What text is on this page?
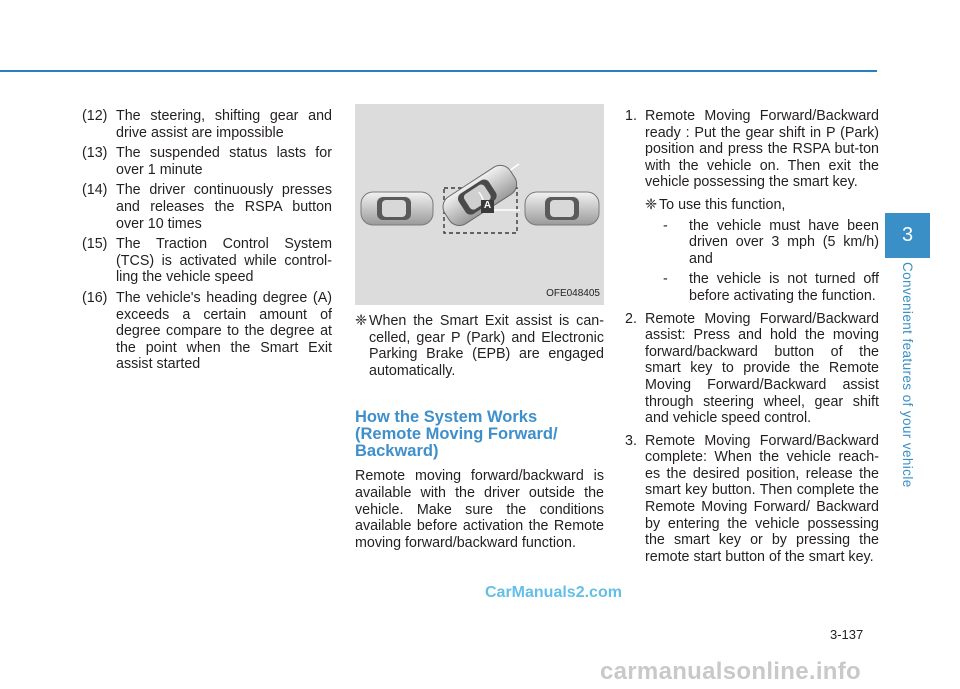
(12) The steering, shifting gear and drive assist are impossible
(13) The suspended status lasts for over 1 minute
(14) The driver continuously presses and releases the RSPA button over 10 times
(15) The Traction Control System (TCS) is activated while control-ling the vehicle speed
(16) The vehicle's heading degree (A) exceeds a certain amount of degree compare to the degree at the point when the Smart Exit assist started
A
OFE048405
❈ When the Smart Exit assist is can-celled, gear P (Park) and Electronic Parking Brake (EPB) are engaged automatically.
How the System Works
(Remote Moving Forward/
Backward)
Remote moving forward/backward is available with the driver outside the vehicle. Make sure the conditions available before activation the Remote moving forward/backward function.
1. Remote Moving Forward/Backward ready : Put the gear shift in P (Park) position and press the RSPA but-ton with the vehicle on. Then exit the vehicle possessing the smart key.
❈ To use this function,
- the vehicle must have been driven over 3 mph (5 km/h) and
- the vehicle is not turned off before activating the function.
2. Remote Moving Forward/Backward assist: Press and hold the moving forward/backward button of the smart key to provide the Remote Moving Forward/Backward assist through steering wheel, gear shift and vehicle speed control.
3. Remote Moving Forward/Backward complete: When the vehicle reach-es the desired position, release the smart key button. Then complete the Remote Moving Forward/ Backward by entering the vehicle possessing the smart key or by pressing the remote start button of the smart key.
3
Convenient features of your vehicle
3-137
CarManuals2.com
carmanualsonline.info
